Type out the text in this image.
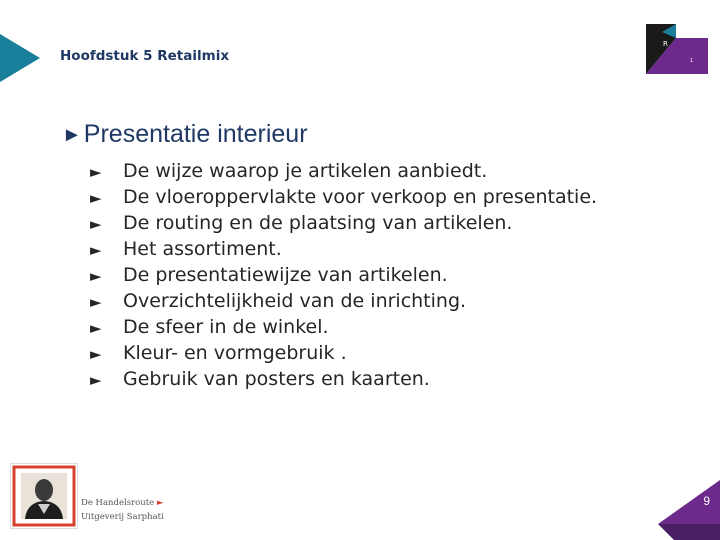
Hoofdstuk 5 Retailmix
R
1
►Presentatie interieur
► De wijze waarop je artikelen aanbiedt.
► De vloeroppervlakte voor verkoop en presentatie.
► De routing en de plaatsing van artikelen.
► Het assortiment.
► De presentatiewijze van artikelen.
► Overzichtelijkheid van de inrichting.
► De sfeer in de winkel.
► Kleur- en vormgebruik .
► Gebruik van posters en kaarten.
De Handelsroute ►
Uitgeverij Sarphati
9
